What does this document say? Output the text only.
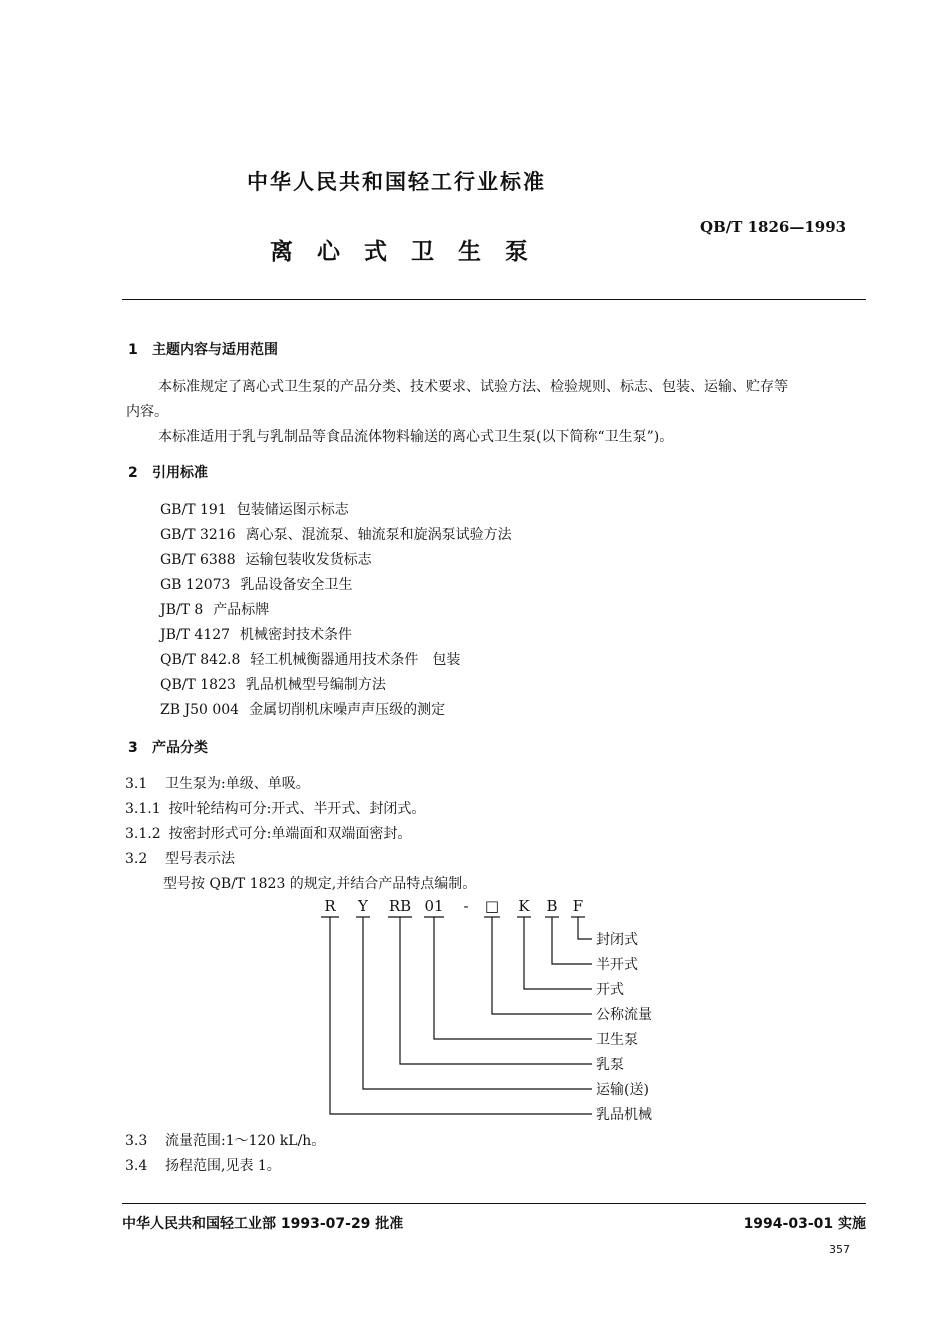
中华人民共和国轻工行业标准
离心式卫生泵
QB/T 1826—1993
1 主题内容与适用范围
本标准规定了离心式卫生泵的产品分类、技术要求、试验方法、检验规则、标志、包装、运输、贮存等
内容。
本标准适用于乳与乳制品等食品流体物料输送的离心式卫生泵(以下简称“卫生泵”)。
2 引用标准
GB/T 191 包装储运图示标志
GB/T 3216 离心泵、混流泵、轴流泵和旋涡泵试验方法
GB/T 6388 运输包装收发货标志
GB 12073 乳品设备安全卫生
JB/T 8 产品标牌
JB/T 4127 机械密封技术条件
QB/T 842.8 轻工机械衡器通用技术条件　包装
QB/T 1823 乳品机械型号编制方法
ZB J50 004 金属切削机床噪声声压级的测定
3 产品分类
3.1 卫生泵为:单级、单吸。
3.1.1 按叶轮结构可分:开式、半开式、封闭式。
3.1.2 按密封形式可分:单端面和双端面密封。
3.2 型号表示法
型号按 QB/T 1823 的规定,并结合产品特点编制。
R Y RB 01 - □ K B F
封闭式
半开式
开式
公称流量
卫生泵
乳泵
运输(送)
乳品机械
3.3 流量范围:1～120 kL/h。
3.4 扬程范围,见表 1。
中华人民共和国轻工业部 1993-07-29 批准	1994-03-01 实施
357
